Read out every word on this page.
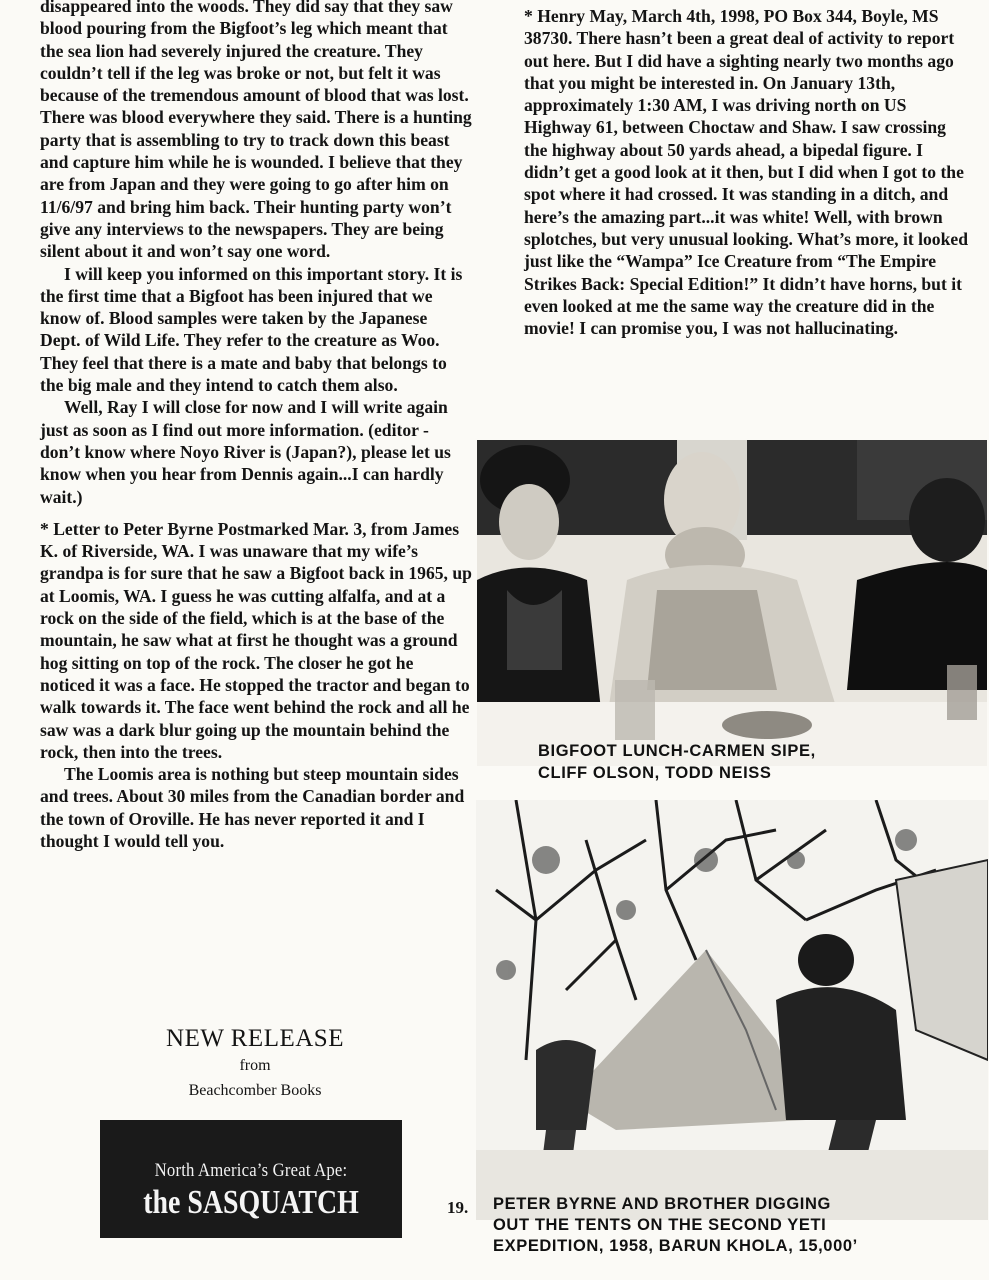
disappeared into the woods. They did say that they saw blood pouring from the Bigfoot’s leg which meant that the sea lion had severely injured the creature. They couldn’t tell if the leg was broke or not, but felt it was because of the tremendous amount of blood that was lost. There was blood everywhere they said. There is a hunting party that is assembling to try to track down this beast and capture him while he is wounded. I believe that they are from Japan and they were going to go after him on 11/6/97 and bring him back. Their hunting party won’t give any interviews to the newspapers. They are being silent about it and won’t say one word.

I will keep you informed on this important story. It is the first time that a Bigfoot has been injured that we know of. Blood samples were taken by the Japanese Dept. of Wild Life. They refer to the creature as Woo. They feel that there is a mate and baby that belongs to the big male and they intend to catch them also.

Well, Ray I will close for now and I will write again just as soon as I find out more information. (editor - don’t know where Noyo River is (Japan?), please let us know when you hear from Dennis again...I can hardly wait.)

* Letter to Peter Byrne Postmarked Mar. 3, from James K. of Riverside, WA. I was unaware that my wife’s grandpa is for sure that he saw a Bigfoot back in 1965, up at Loomis, WA. I guess he was cutting alfalfa, and at a rock on the side of the field, which is at the base of the mountain, he saw what at first he thought was a ground hog sitting on top of the rock. The closer he got he noticed it was a face. He stopped the tractor and began to walk towards it. The face went behind the rock and all he saw was a dark blur going up the mountain behind the rock, then into the trees.

The Loomis area is nothing but steep mountain sides and trees. About 30 miles from the Canadian border and the town of Oroville. He has never reported it and I thought I would tell you.

* Henry May, March 4th, 1998, PO Box 344, Boyle, MS 38730. There hasn’t been a great deal of activity to report out here. But I did have a sighting nearly two months ago that you might be interested in. On January 13th, approximately 1:30 AM, I was driving north on US Highway 61, between Choctaw and Shaw. I saw crossing the highway about 50 yards ahead, a bipedal figure. I didn’t get a good look at it then, but I did when I got to the spot where it had crossed. It was standing in a ditch, and here’s the amazing part...it was white! Well, with brown splotches, but very unusual looking. What’s more, it looked just like the “Wampa” Ice Creature from “The Empire Strikes Back: Special Edition!” It didn’t have horns, but it even looked at me the same way the creature did in the movie! I can promise you, I was not hallucinating.

BIGFOOT LUNCH-CARMEN SIPE,
CLIFF OLSON, TODD NEISS
PETER BYRNE AND BROTHER DIGGING
OUT THE TENTS ON THE SECOND YETI
EXPEDITION, 1958, BARUN KHOLA, 15,000’
NEW RELEASE
from
Beachcomber Books
North America’s Great Ape:
the SASQUATCH	19.
